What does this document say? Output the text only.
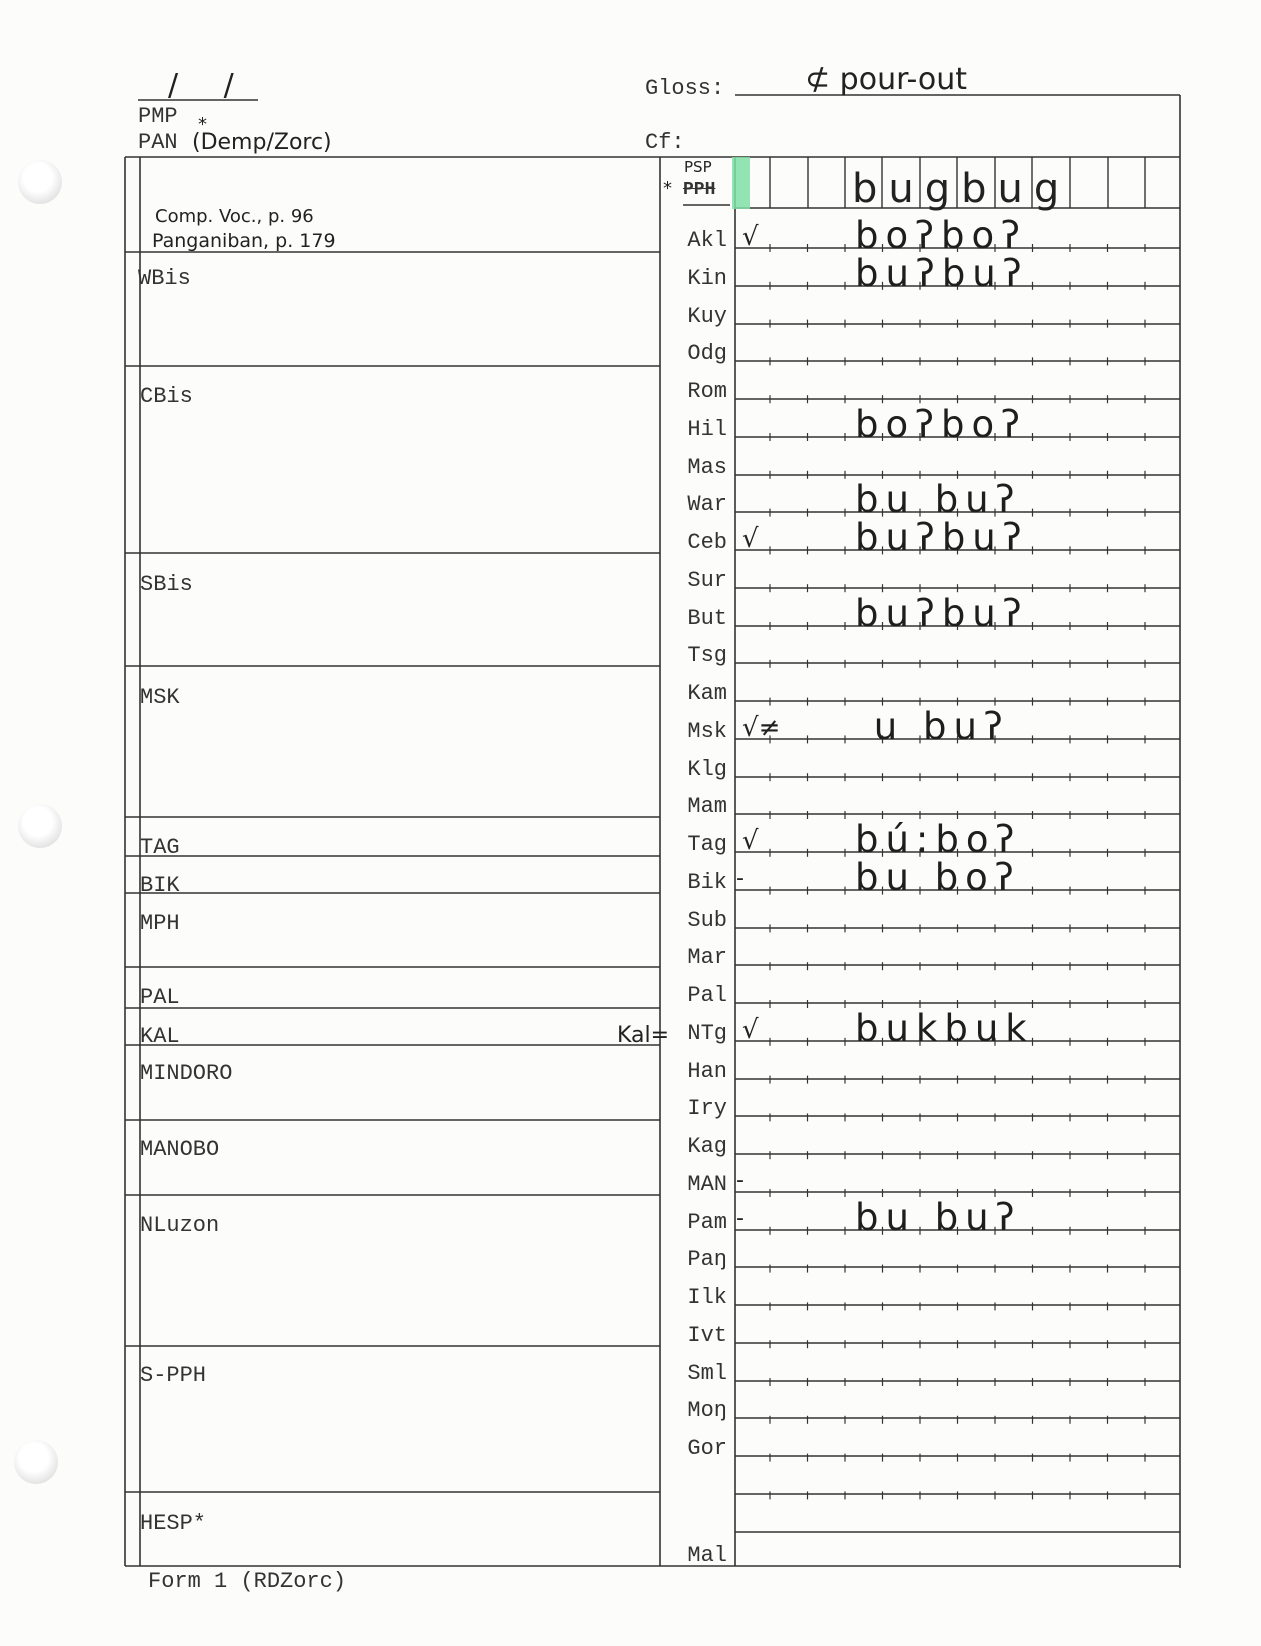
/ /
PMP
PAN
*
(Demp/Zorc)
Gloss:	⊄ pour-out
Cf:
Comp. Voc., p. 96
Panganiban, p. 179
*
PSP
PPH	bugbug
WBis
CBis
SBis
MSK
TAG
BIK
MPH
PAL
KAL
MINDORO
MANOBO
NLuzon
S-PPH
HESP*
Kal=
Akl
Kin
Kuy
Odg
Rom
Hil
Mas
War
Ceb
Sur
But
Tsg
Kam
Msk
Klg
Mam
Tag
Bik
Sub
Mar
Pal
NTg
Han
Iry
Kag
MAN
Pam
Paŋ
Ilk
Ivt
Sml
Moŋ
Gor
Mal
√
√
√≠
√
-
√
-
-
boʔboʔ
buʔbuʔ
boʔboʔ
bu buʔ
buʔbuʔ
buʔbuʔ
u buʔ
bú:boʔ
bu boʔ
bukbuk
bu buʔ
Form 1 (RDZorc)
